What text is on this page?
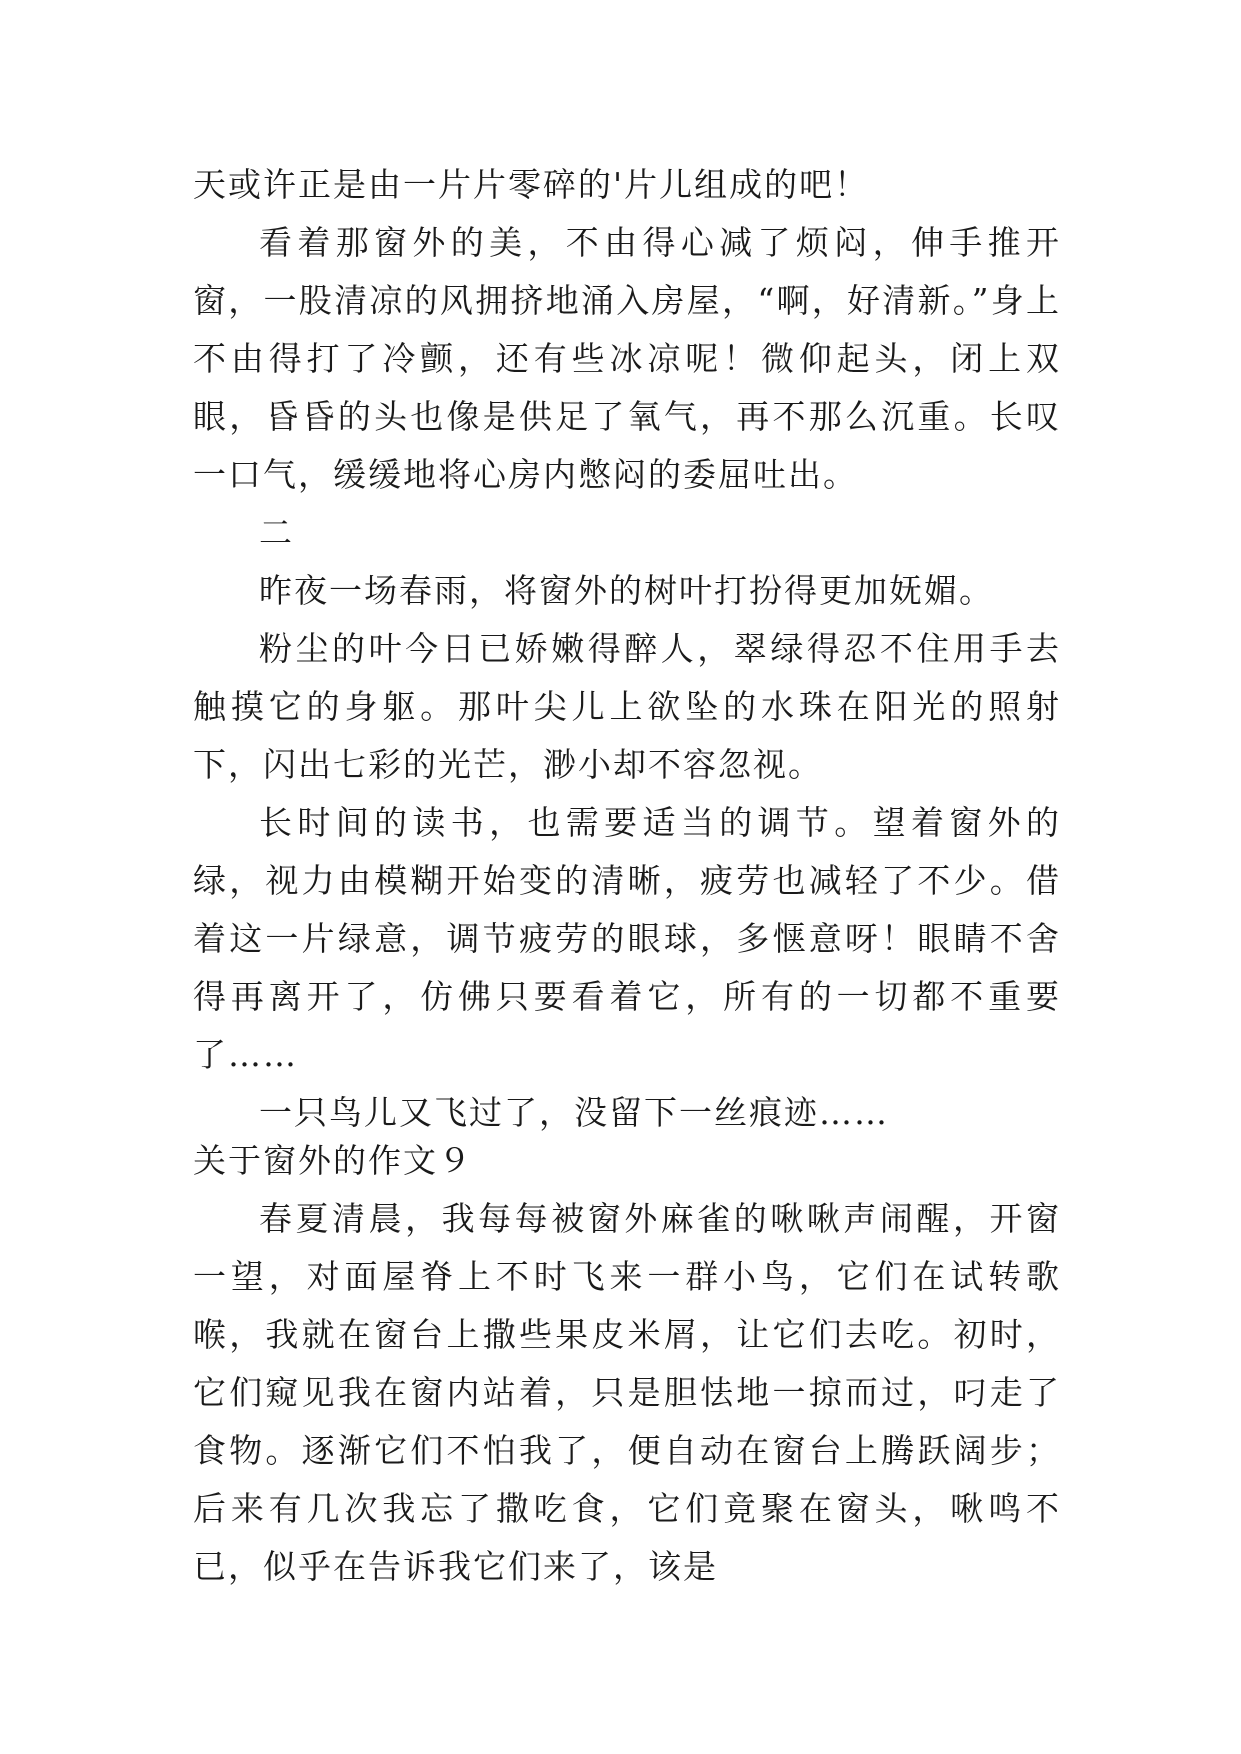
天或许正是由一片片零碎的'片儿组成的吧！

看着那窗外的美，不由得心减了烦闷，伸手推开窗，一股清凉的风拥挤地涌入房屋，“啊，好清新。”身上不由得打了冷颤，还有些冰凉呢！微仰起头，闭上双眼，昏昏的头也像是供足了氧气，再不那么沉重。长叹一口气，缓缓地将心房内憋闷的委屈吐出。

二

昨夜一场春雨，将窗外的树叶打扮得更加妩媚。

粉尘的叶今日已娇嫩得醉人，翠绿得忍不住用手去触摸它的身躯。那叶尖儿上欲坠的水珠在阳光的照射下，闪出七彩的光芒，渺小却不容忽视。

长时间的读书，也需要适当的调节。望着窗外的绿，视力由模糊开始变的清晰，疲劳也减轻了不少。借着这一片绿意，调节疲劳的眼球，多惬意呀！眼睛不舍得再离开了，仿佛只要看着它，所有的一切都不重要了……

一只鸟儿又飞过了，没留下一丝痕迹……

关于窗外的作文９

春夏清晨，我每每被窗外麻雀的啾啾声闹醒，开窗一望，对面屋脊上不时飞来一群小鸟，它们在试转歌喉，我就在窗台上撒些果皮米屑，让它们去吃。初时，它们窥见我在窗内站着，只是胆怯地一掠而过，叼走了食物。逐渐它们不怕我了，便自动在窗台上腾跃阔步；后来有几次我忘了撒吃食，它们竟聚在窗头，啾鸣不已，似乎在告诉我它们来了，该是
